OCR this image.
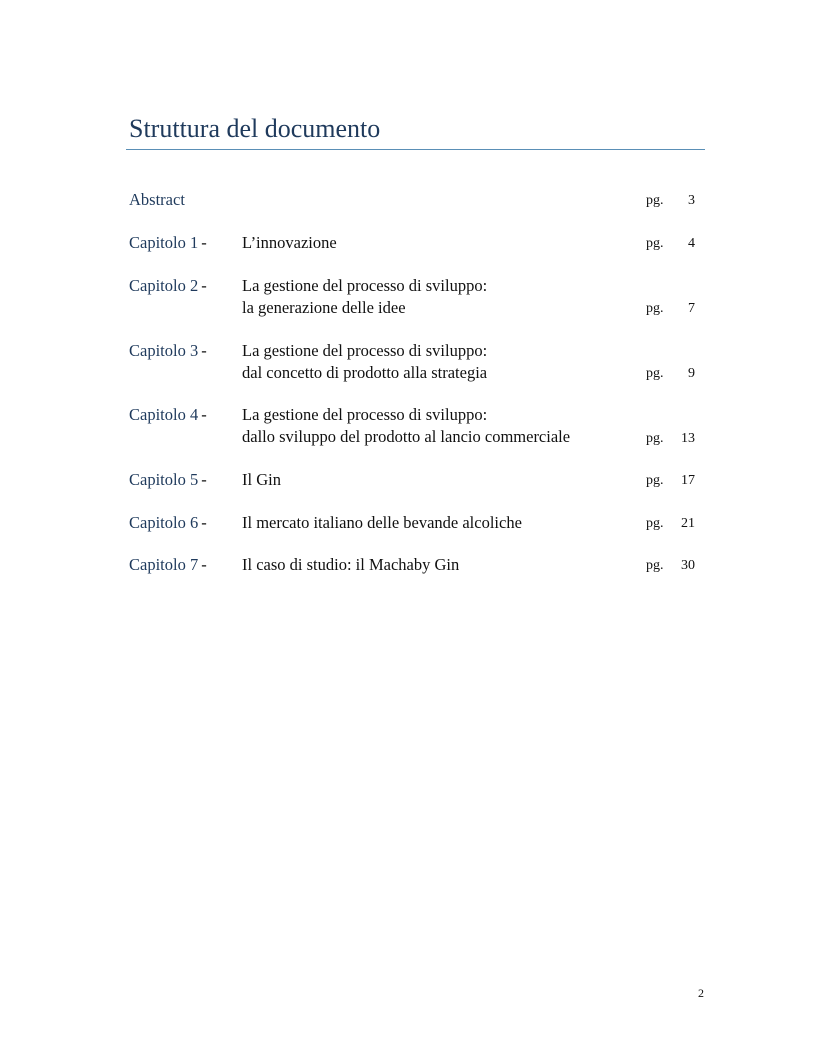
Struttura del documento
Abstract	pg.	3
Capitolo 1 - L’innovazione	pg.	4
Capitolo 2 - La gestione del processo di sviluppo:
la generazione delle idee	pg.	7
Capitolo 3 - La gestione del processo di sviluppo:
dal concetto di prodotto alla strategia	pg.	9
Capitolo 4 - La gestione del processo di sviluppo:
dallo sviluppo del prodotto al lancio commerciale	pg.	13
Capitolo 5 - Il Gin	pg.	17
Capitolo 6 - Il mercato italiano delle bevande alcoliche	pg.	21
Capitolo 7 - Il caso di studio: il Machaby Gin	pg.	30
2
